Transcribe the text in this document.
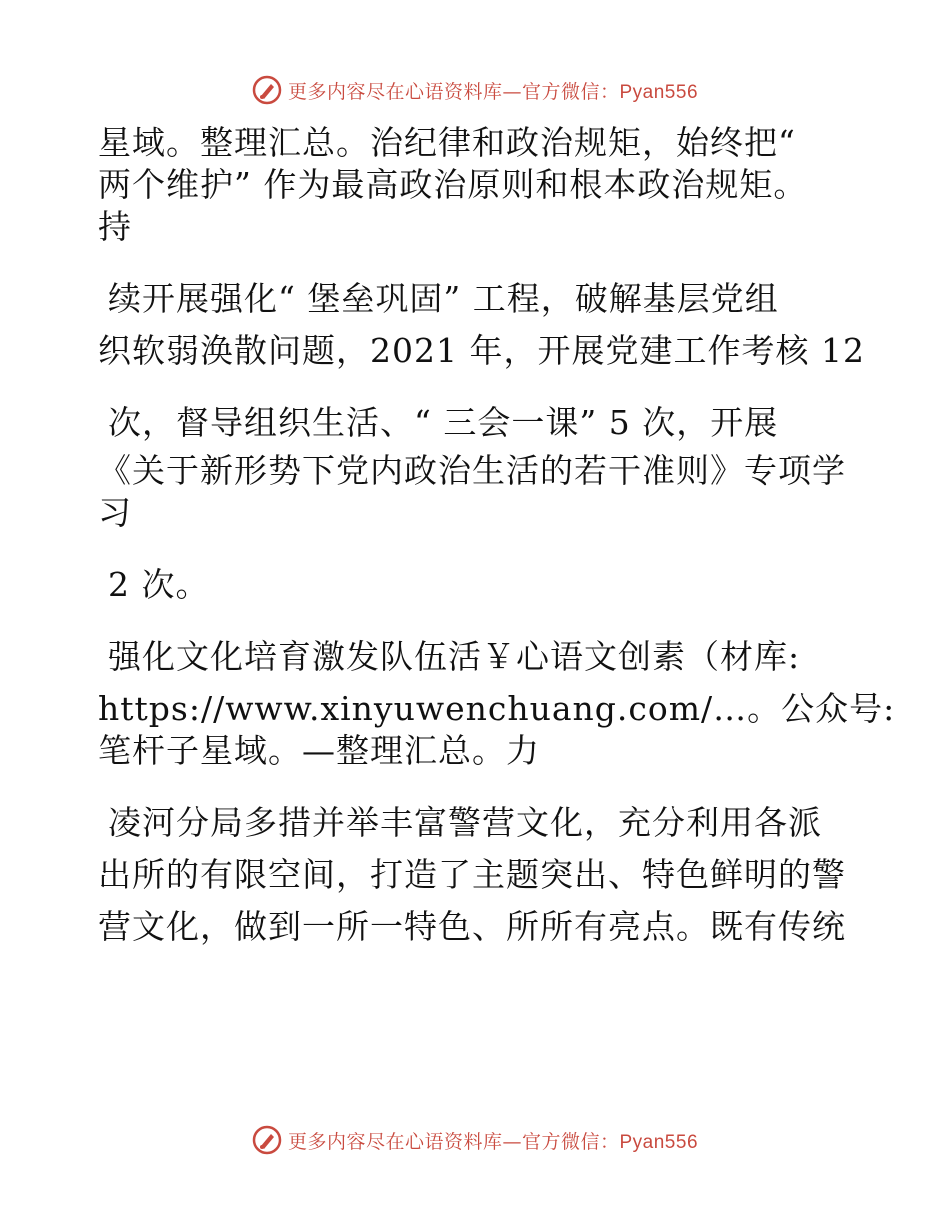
更多内容尽在心语资料库—官方微信：Pyan556
星域。整理汇总。治纪律和政治规矩，始终把“
两个维护” 作为最高政治原则和根本政治规矩。
持
续开展强化“ 堡垒巩固” 工程，破解基层党组
织软弱涣散问题，2021 年，开展党建工作考核 12
次，督导组织生活、“ 三会一课” 5 次，开展
《关于新形势下党内政治生活的若干准则》专项学
习
2 次。
强化文化培育激发队伍活￥心语文创素（材库:
https://www.xinyuwenchuang.com/…。公众号:
笔杆子星域。—整理汇总。力
凌河分局多措并举丰富警营文化，充分利用各派
出所的有限空间，打造了主题突出、特色鲜明的警
营文化，做到一所一特色、所所有亮点。既有传统
更多内容尽在心语资料库—官方微信：Pyan556
